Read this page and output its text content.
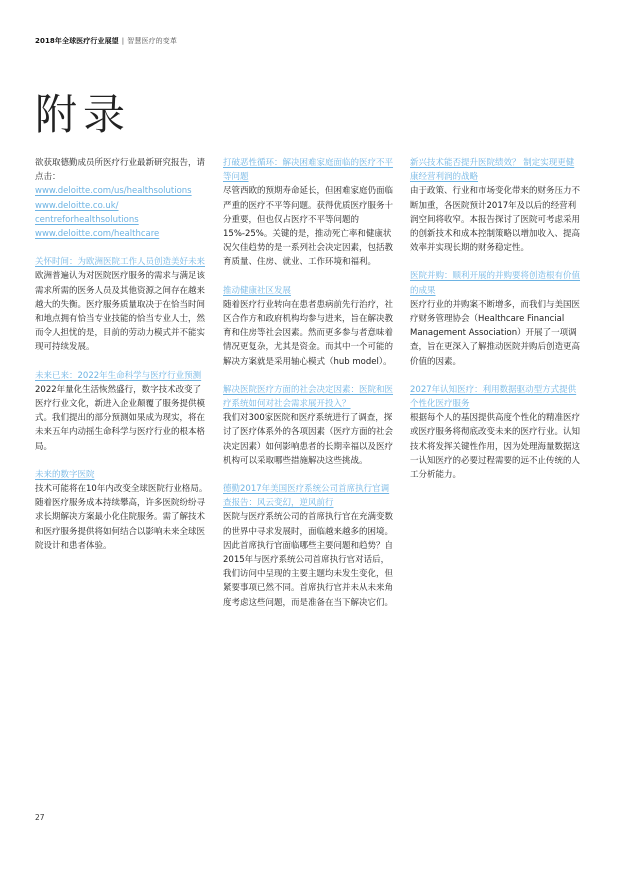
2018年全球医疗行业展望 | 智慧医疗的变革
附录
欲获取德勤成员所医疗行业最新研究报告，请点击：
www.deloitte.com/us/healthsolutions
www.deloitte.co.uk/
centreforhealthsolutions
www.deloitte.com/healthcare
关怀时间：为欧洲医院工作人员创造美好未来
欧洲普遍认为对医院医疗服务的需求与满足该需求所需的医务人员及其他资源之间存在越来越大的失衡。医疗服务质量取决于在恰当时间和地点拥有恰当专业技能的恰当专业人士，然而令人担忧的是，目前的劳动力模式并不能实现可持续发展。
未来已来：2022年生命科学与医疗行业预测
2022年量化生活恢然盛行，数字技术改变了医疗行业文化，新进入企业颠覆了服务提供模式。我们提出的部分预测如果成为现实，将在未来五年内动摇生命科学与医疗行业的根本格局。
未来的数字医院
技术可能将在10年内改变全球医院行业格局。随着医疗服务成本持续攀高，许多医院纷纷寻求长期解决方案最小化住院服务。需了解技术和医疗服务提供将如何结合以影响未来全球医院设计和患者体验。
打破恶性循环：解决困难家庭面临的医疗不平等问题
尽管西欧的预期寿命延长，但困难家庭仍面临严重的医疗不平等问题。获得优质医疗服务十分重要，但也仅占医疗不平等问题的15%-25%。关键的是，推动死亡率和健康状况欠佳趋势的是一系列社会决定因素，包括教育质量、住房、就业、工作环境和福利。
推动健康社区发展
随着医疗行业转向在患者患病前先行治疗，社区合作方和政府机构均参与进来，旨在解决教育和住房等社会因素。然而更多参与者意味着情况更复杂，尤其是资金。而其中一个可能的解决方案就是采用轴心模式（hub model）。
解决医院医疗方面的社会决定因素：医院和医疗系统如何对社会需求展开投入？
我们对300家医院和医疗系统进行了调查，探讨了医疗体系外的各项因素（医疗方面的社会决定因素）如何影响患者的长期幸福以及医疗机构可以采取哪些措施解决这些挑战。
德勤2017年美国医疗系统公司首席执行官调查报告：风云变幻，逆风前行
医院与医疗系统公司的首席执行官在充满变数的世界中寻求发展时，面临越来越多的困境。因此首席执行官面临哪些主要问题和趋势？自2015年与医疗系统公司首席执行官对话后，我们访问中呈现的主要主题均未发生变化，但紧要事项已然不同。首席执行官并未从未来角度考虑这些问题，而是准备在当下解决它们。
新兴技术能否提升医院绩效？ 制定实现更健康经营利润的战略
由于政策、行业和市场变化带来的财务压力不断加重，各医院预计2017年及以后的经营利润空间将收窄。本报告探讨了医院可考虑采用的创新技术和成本控制策略以增加收入、提高效率并实现长期的财务稳定性。
医院并购：顺利开展的并购要将创造根有价值的成果
医疗行业的并购案不断增多，而我们与美国医疗财务管理协会（Healthcare Financial Management Association）开展了一项调查，旨在更深入了解推动医院并购后创造更高价值的因素。
2027年认知医疗：利用数据驱动型方式提供个性化医疗服务
根据每个人的基因提供高度个性化的精准医疗或医疗服务将彻底改变未来的医疗行业。认知技术将发挥关键性作用，因为处理海量数据这一认知医疗的必要过程需要的远不止传统的人工分析能力。
27
